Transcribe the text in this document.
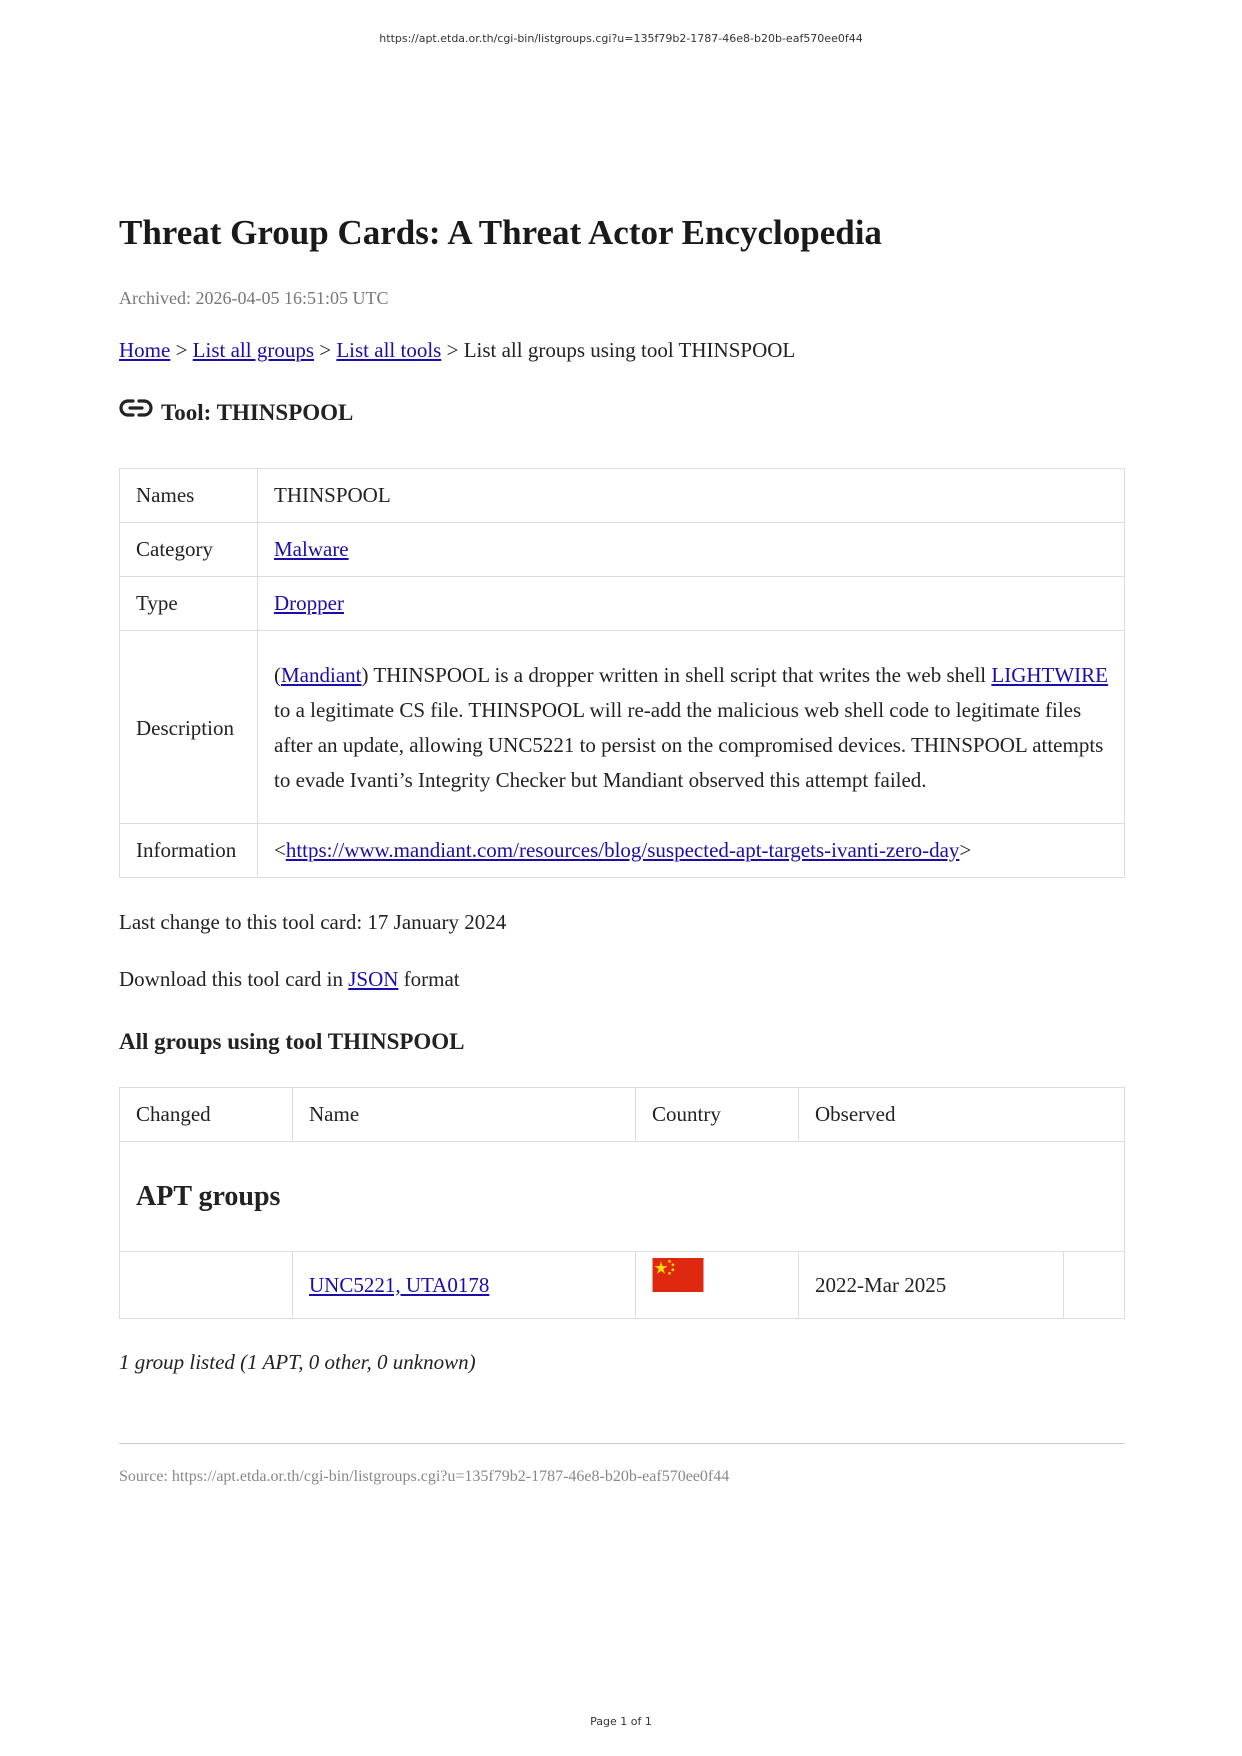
https://apt.etda.or.th/cgi-bin/listgroups.cgi?u=135f79b2-1787-46e8-b20b-eaf570ee0f44
Threat Group Cards: A Threat Actor Encyclopedia
Archived: 2026-04-05 16:51:05 UTC
Home > List all groups > List all tools > List all groups using tool THINSPOOL
Tool: THINSPOOL
Names	THINSPOOL
Category	Malware
Type	Dropper
Description	(Mandiant) THINSPOOL is a dropper written in shell script that writes the web shell LIGHTWIRE to a legitimate CS file. THINSPOOL will re-add the malicious web shell code to legitimate files after an update, allowing UNC5221 to persist on the compromised devices. THINSPOOL attempts to evade Ivanti’s Integrity Checker but Mandiant observed this attempt failed.
Information	<https://www.mandiant.com/resources/blog/suspected-apt-targets-ivanti-zero-day>
Last change to this tool card: 17 January 2024
Download this tool card in JSON format
All groups using tool THINSPOOL
Changed	Name	Country	Observed	
APT groups				
	UNC5221, UTA0178		2022-Mar 2025	
1 group listed (1 APT, 0 other, 0 unknown)
Source: https://apt.etda.or.th/cgi-bin/listgroups.cgi?u=135f79b2-1787-46e8-b20b-eaf570ee0f44
Page 1 of 1
